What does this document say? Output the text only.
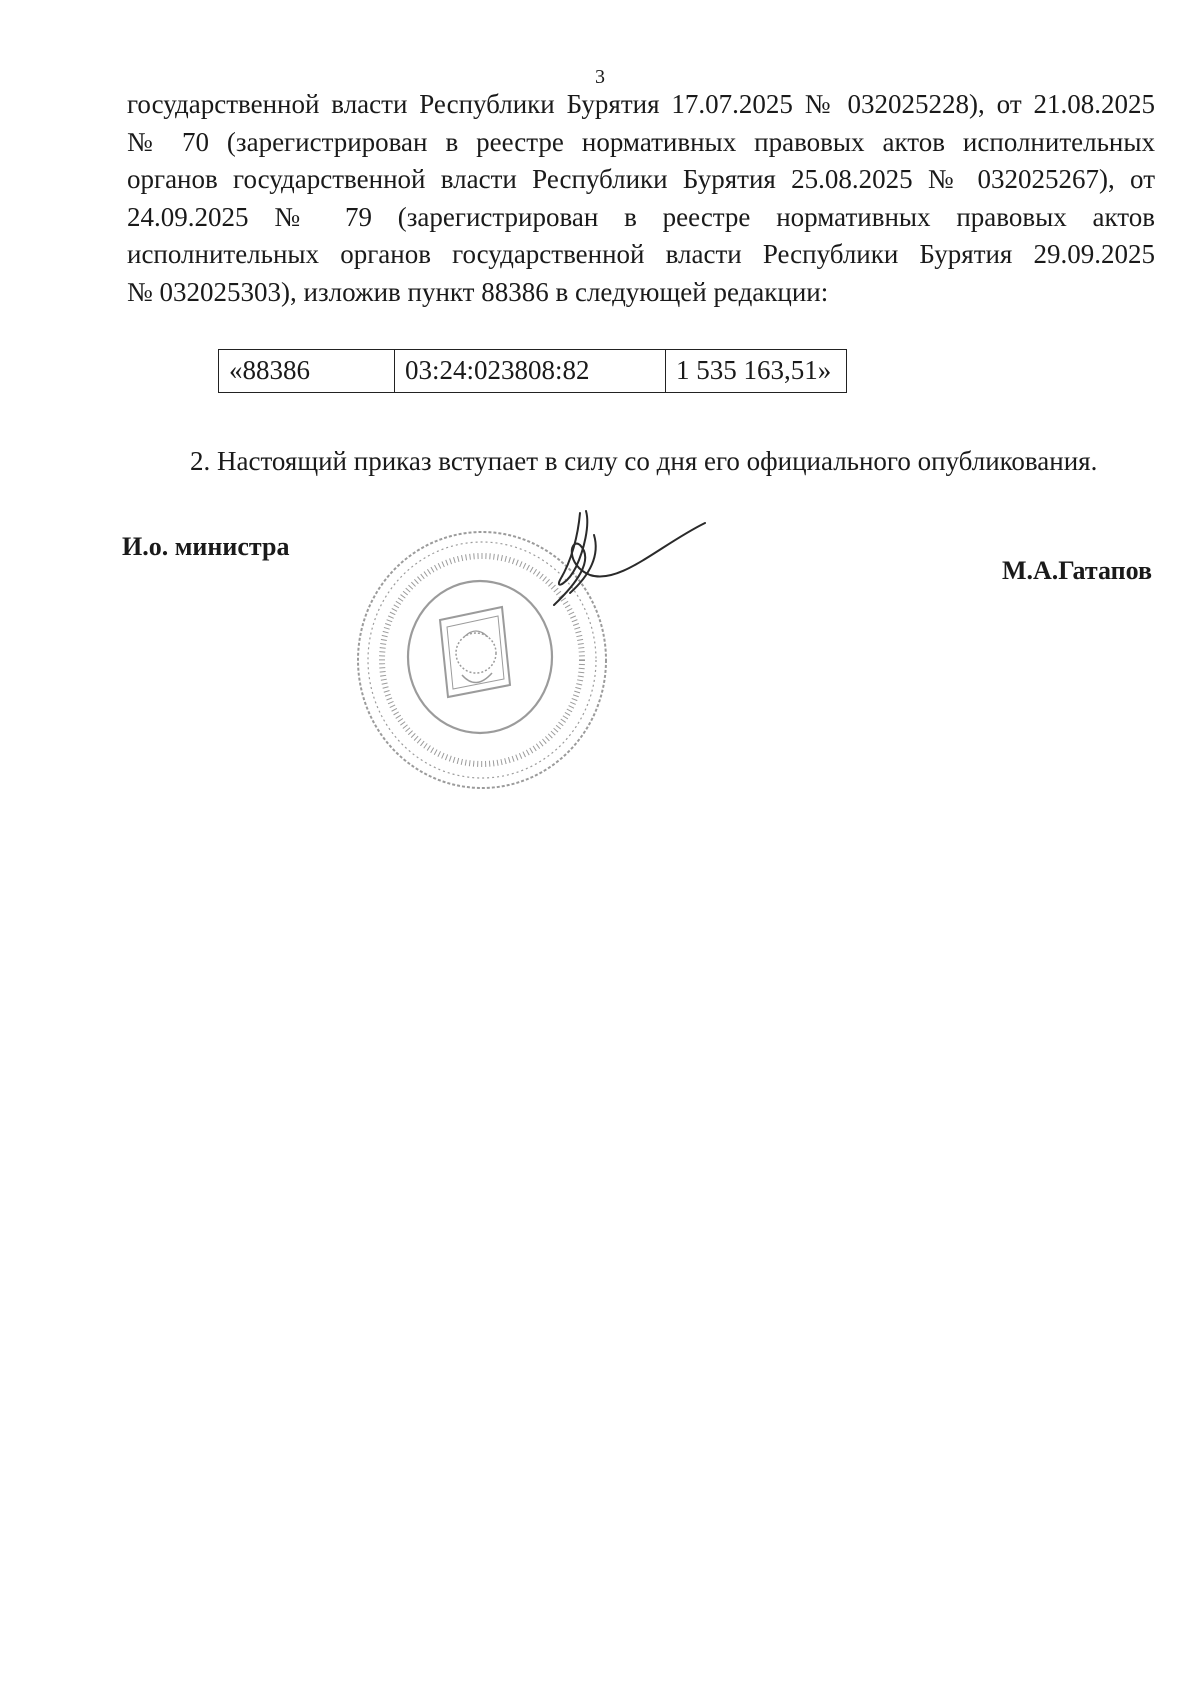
3
государственной власти Республики Бурятия 17.07.2025 № 032025228), от 21.08.2025
№ 70 (зарегистрирован в реестре нормативных правовых актов исполнительных
органов государственной власти Республики Бурятия 25.08.2025 № 032025267), от
24.09.2025 № 79 (зарегистрирован в реестре нормативных правовых актов
исполнительных органов государственной власти Республики Бурятия 29.09.2025
№ 032025303), изложив пункт 88386 в следующей редакции:
«88386	03:24:023808:82	1 535 163,51»
2. Настоящий приказ вступает в силу со дня его официального опубликования.
И.о. министра
М.А.Гатапов
